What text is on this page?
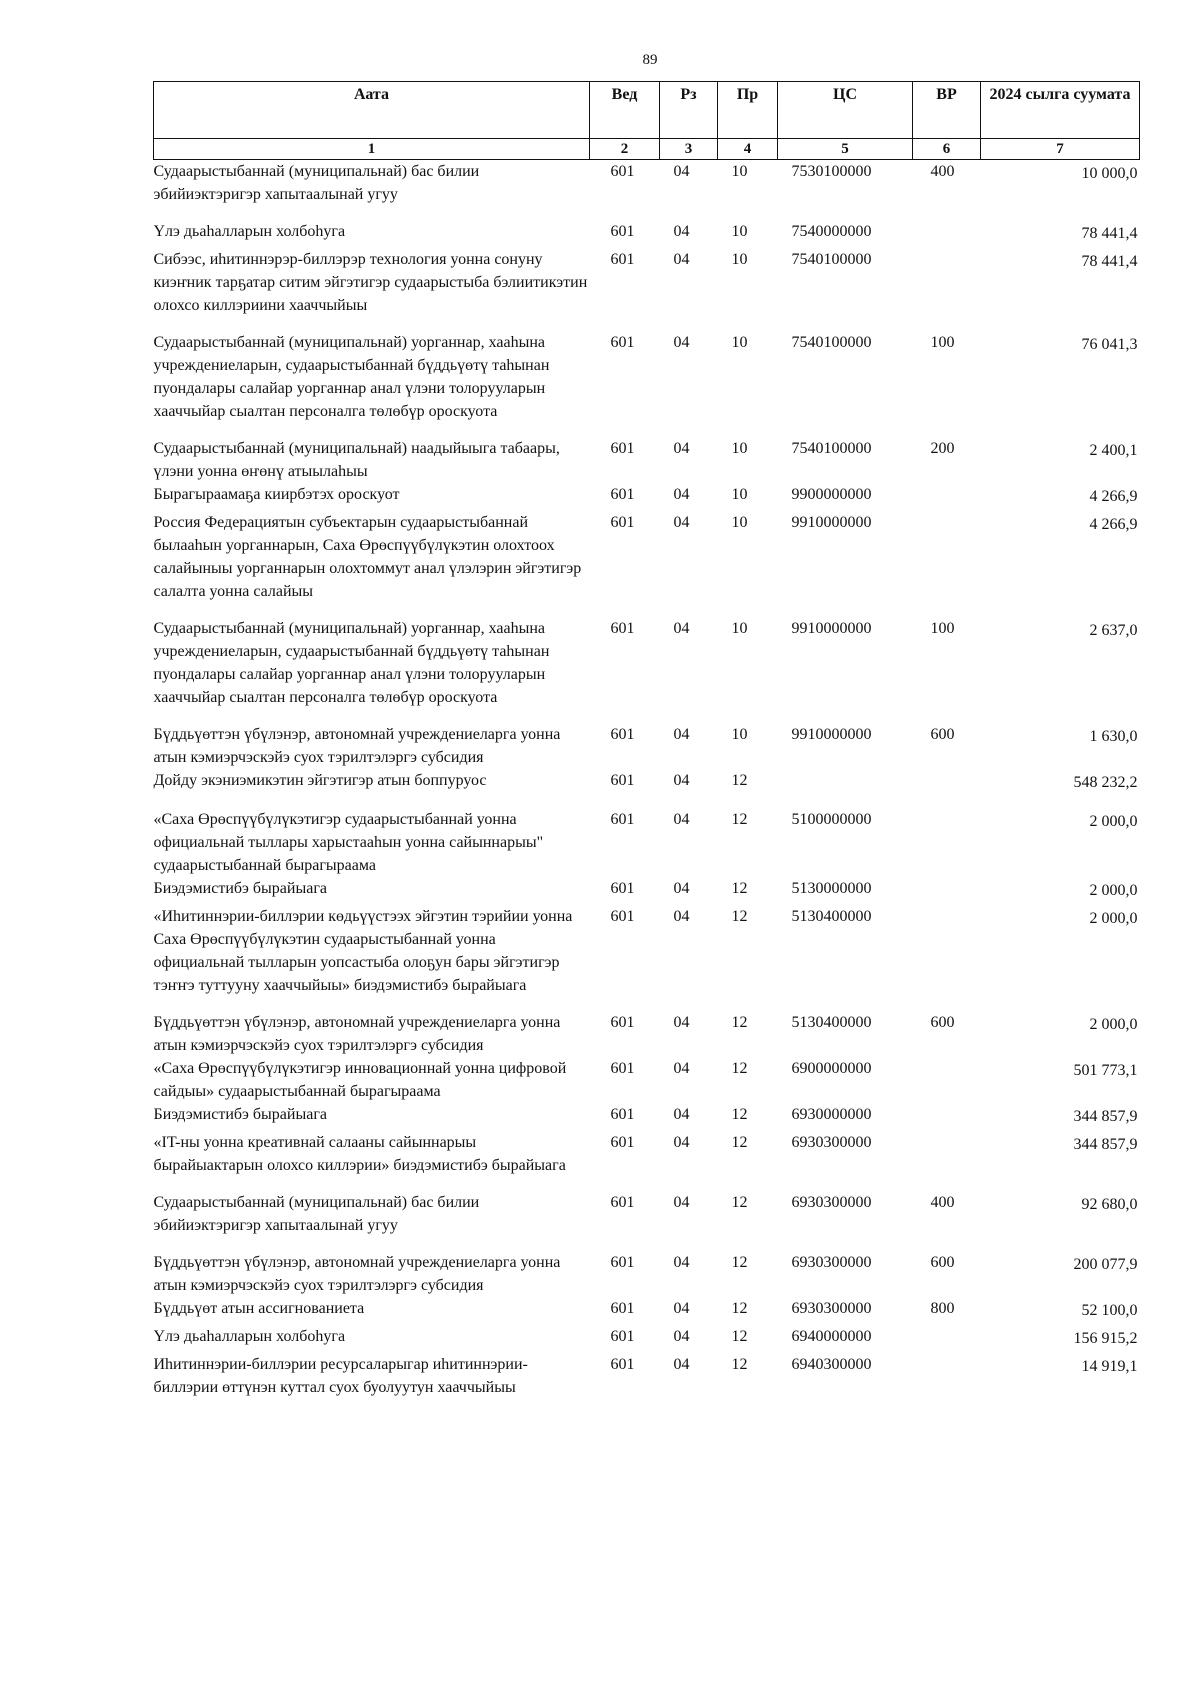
89
Аата	Вед	Рз	Пр	ЦС	ВР	2024 сылга суумата
1	2	3	4	5	6	7
Судаарыстыбаннай (муниципальнай) бас билии эбийиэктэригэр хапытаалынай угуу	601	04	10	7530100000	400	10 000,0
Үлэ дьаһалларын холбоһуга	601	04	10	7540000000		78 441,4
Сибээс, иһитиннэрэр-биллэрэр технология уонна сонуну киэҥник тарҕатар ситим эйгэтигэр судаарыстыба бэлиитикэтин олохсо киллэриини хааччыйыы	601	04	10	7540100000		78 441,4
Судаарыстыбаннай (муниципальнай) уорганнар, хааһына учреждениеларын, судаарыстыбаннай бүддьүөтү таһынан пуондалары салайар уорганнар анал үлэни толорууларын хааччыйар сыалтан персоналга төлөбүр ороскуота	601	04	10	7540100000	100	76 041,3
Судаарыстыбаннай (муниципальнай) наадыйыыга табаары, үлэни уонна өҥөнү атыылаһыы	601	04	10	7540100000	200	2 400,1
Бырагыраамаҕа киирбэтэх ороскуот	601	04	10	9900000000		4 266,9
Россия Федерациятын субъектарын судаарыстыбаннай былааһын уорганнарын, Саха Өрөспүүбүлүкэтин олохтоох салайыныы уорганнарын олохтоммут анал үлэлэрин эйгэтигэр салалта уонна салайыы	601	04	10	9910000000		4 266,9
Судаарыстыбаннай (муниципальнай) уорганнар, хааһына учреждениеларын, судаарыстыбаннай бүддьүөтү таһынан пуондалары салайар уорганнар анал үлэни толорууларын хааччыйар сыалтан персоналга төлөбүр ороскуота	601	04	10	9910000000	100	2 637,0
Бүддьүөттэн үбүлэнэр, автономнай учреждениеларга уонна атын кэмиэрчэскэйэ суох тэрилтэлэргэ субсидия	601	04	10	9910000000	600	1 630,0
Дойду экэниэмикэтин эйгэтигэр атын боппуруос	601	04	12			548 232,2
«Саха Өрөспүүбүлүкэтигэр судаарыстыбаннай уонна официальнай тыллары харыстааһын уонна сайыннарыы" судаарыстыбаннай бырагыраама	601	04	12	5100000000		2 000,0
Биэдэмистибэ бырайыага	601	04	12	5130000000		2 000,0
«Иһитиннэрии-биллэрии көдьүүстээх эйгэтин тэрийии уонна Саха Өрөспүүбүлүкэтин судаарыстыбаннай уонна официальнай тылларын уопсастыба олоҕун бары эйгэтигэр тэҥҥэ туттууну хааччыйыы» биэдэмистибэ бырайыага	601	04	12	5130400000		2 000,0
Бүддьүөттэн үбүлэнэр, автономнай учреждениеларга уонна атын кэмиэрчэскэйэ суох тэрилтэлэргэ субсидия	601	04	12	5130400000	600	2 000,0
«Саха Өрөспүүбүлүкэтигэр инновационнай уонна цифровой сайдыы» судаарыстыбаннай бырагыраама	601	04	12	6900000000		501 773,1
Биэдэмистибэ бырайыага	601	04	12	6930000000		344 857,9
«IT-ны уонна креативнай салааны сайыннарыы бырайыактарын олохсо киллэрии» биэдэмистибэ бырайыага	601	04	12	6930300000		344 857,9
Судаарыстыбаннай (муниципальнай) бас билии эбийиэктэригэр хапытаалынай угуу	601	04	12	6930300000	400	92 680,0
Бүддьүөттэн үбүлэнэр, автономнай учреждениеларга уонна атын кэмиэрчэскэйэ суох тэрилтэлэргэ субсидия	601	04	12	6930300000	600	200 077,9
Бүддьүөт атын ассигнованиета	601	04	12	6930300000	800	52 100,0
Үлэ дьаһалларын холбоһуга	601	04	12	6940000000		156 915,2
Иһитиннэрии-биллэрии ресурсаларыгар иһитиннэрии-биллэрии өттүнэн куттал суох буолуутун хааччыйыы	601	04	12	6940300000		14 919,1
